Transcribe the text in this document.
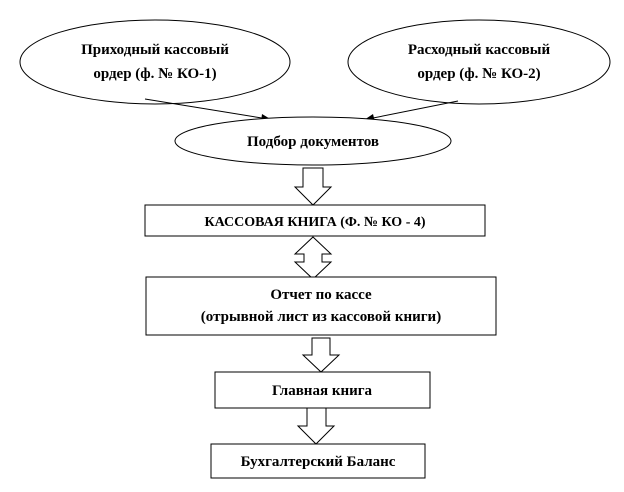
Приходный кассовый
ордер (ф. № КО-1)
Расходный кассовый
ордер (ф. № КО-2)
Подбор документов
КАССОВАЯ КНИГА (Ф. № КО - 4)
Отчет по кассе
(отрывной лист из кассовой книги)
Главная книга
Бухгалтерский Баланс
